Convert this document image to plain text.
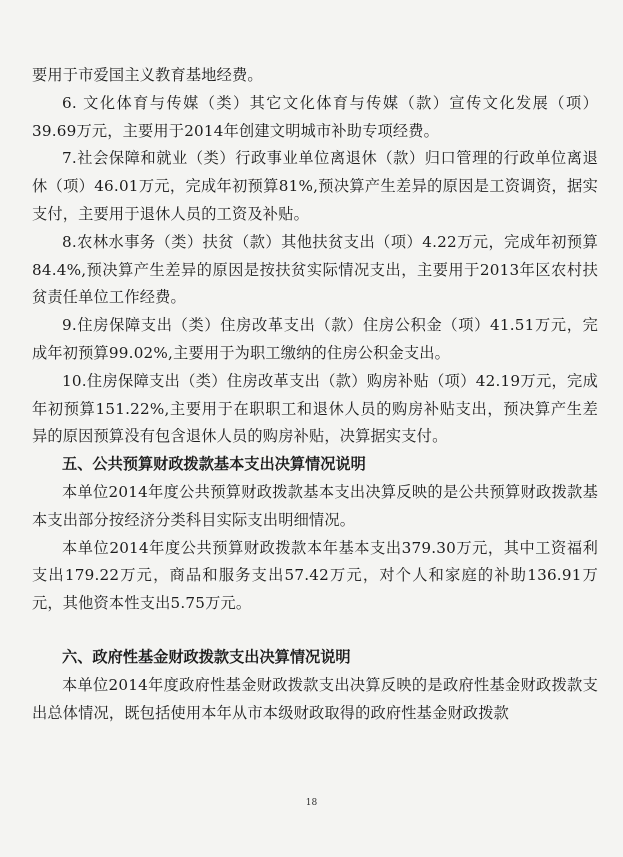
要用于市爱国主义教育基地经费。

6. 文化体育与传媒（类）其它文化体育与传媒（款）宣传文化发展（项）39.69万元，主要用于2014年创建文明城市补助专项经费。

7.社会保障和就业（类）行政事业单位离退休（款）归口管理的行政单位离退休（项）46.01万元，完成年初预算81%,预决算产生差异的原因是工资调资，据实支付，主要用于退休人员的工资及补贴。

8.农林水事务（类）扶贫（款）其他扶贫支出（项）4.22万元，完成年初预算84.4%,预决算产生差异的原因是按扶贫实际情况支出，主要用于2013年区农村扶贫责任单位工作经费。

9.住房保障支出（类）住房改革支出（款）住房公积金（项）41.51万元，完成年初预算99.02%,主要用于为职工缴纳的住房公积金支出。

10.住房保障支出（类）住房改革支出（款）购房补贴（项）42.19万元，完成年初预算151.22%,主要用于在职职工和退休人员的购房补贴支出，预决算产生差异的原因预算没有包含退休人员的购房补贴，决算据实支付。

五、公共预算财政拨款基本支出决算情况说明

本单位2014年度公共预算财政拨款基本支出决算反映的是公共预算财政拨款基本支出部分按经济分类科目实际支出明细情况。

本单位2014年度公共预算财政拨款本年基本支出379.30万元，其中工资福利支出179.22万元，商品和服务支出57.42万元，对个人和家庭的补助136.91万元，其他资本性支出5.75万元。

六、政府性基金财政拨款支出决算情况说明

本单位2014年度政府性基金财政拨款支出决算反映的是政府性基金财政拨款支出总体情况，既包括使用本年从市本级财政取得的政府性基金财政拨款

18
